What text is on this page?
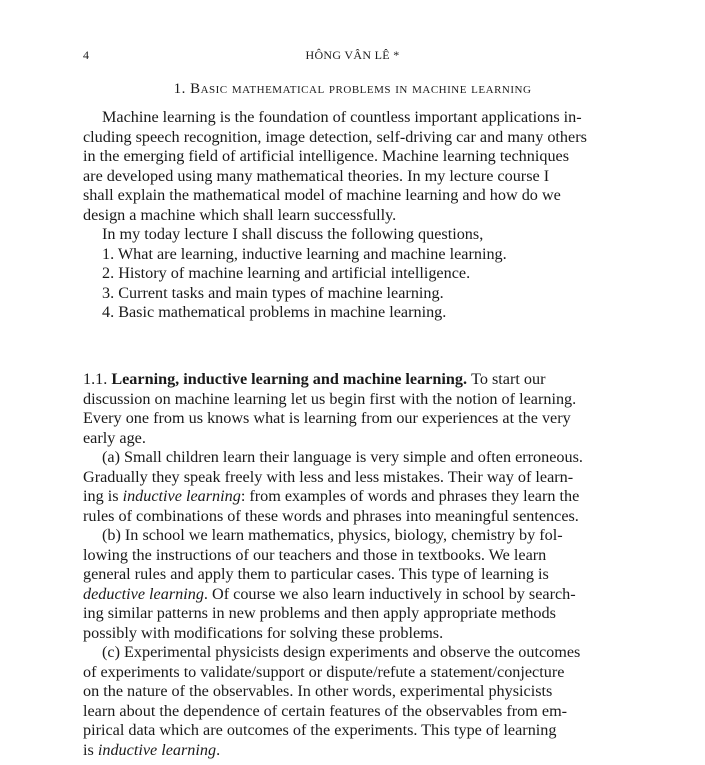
4	HÔNG VÂN LÊ *
1. Basic mathematical problems in machine learning
Machine learning is the foundation of countless important applications in-
cluding speech recognition, image detection, self-driving car and many others
in the emerging field of artificial intelligence. Machine learning techniques
are developed using many mathematical theories. In my lecture course I
shall explain the mathematical model of machine learning and how do we
design a machine which shall learn successfully.
In my today lecture I shall discuss the following questions,
1. What are learning, inductive learning and machine learning.
2. History of machine learning and artificial intelligence.
3. Current tasks and main types of machine learning.
4. Basic mathematical problems in machine learning.
1.1. Learning, inductive learning and machine learning. To start our
discussion on machine learning let us begin first with the notion of learning.
Every one from us knows what is learning from our experiences at the very
early age.
(a) Small children learn their language is very simple and often erroneous.
Gradually they speak freely with less and less mistakes. Their way of learn-
ing is inductive learning: from examples of words and phrases they learn the
rules of combinations of these words and phrases into meaningful sentences.
(b) In school we learn mathematics, physics, biology, chemistry by fol-
lowing the instructions of our teachers and those in textbooks. We learn
general rules and apply them to particular cases. This type of learning is
deductive learning. Of course we also learn inductively in school by search-
ing similar patterns in new problems and then apply appropriate methods
possibly with modifications for solving these problems.
(c) Experimental physicists design experiments and observe the outcomes
of experiments to validate/support or dispute/refute a statement/conjecture
on the nature of the observables. In other words, experimental physicists
learn about the dependence of certain features of the observables from em-
pirical data which are outcomes of the experiments. This type of learning
is inductive learning.
